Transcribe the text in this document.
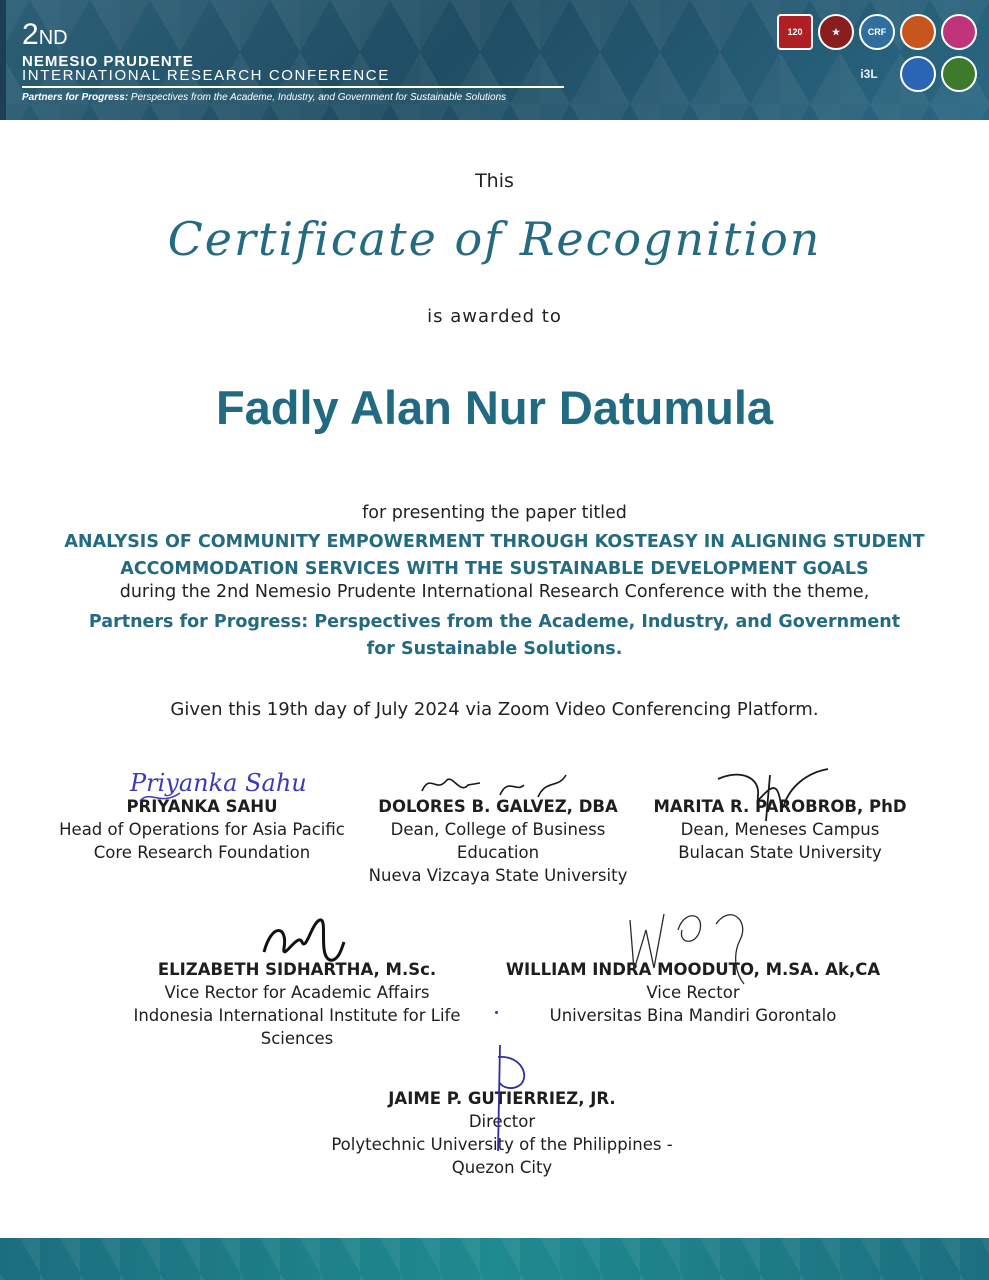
2ND
NEMESIO PRUDENTE
INTERNATIONAL RESEARCH CONFERENCE
Partners for Progress: Perspectives from the Academe, Industry, and Government for Sustainable Solutions
120	★	CRF
i3L
This
Certificate of Recognition
is awarded to
Fadly Alan Nur Datumula
for presenting the paper titled
ANALYSIS OF COMMUNITY EMPOWERMENT THROUGH KOSTEASY IN ALIGNING STUDENT
ACCOMMODATION SERVICES WITH THE SUSTAINABLE DEVELOPMENT GOALS
during the 2nd Nemesio Prudente International Research Conference with the theme,
Partners for Progress: Perspectives from the Academe, Industry, and Government
for Sustainable Solutions.
Given this 19th day of July 2024 via Zoom Video Conferencing Platform.
Priyanka Sahu
PRIYANKA SAHU
Head of Operations for Asia Pacific
Core Research Foundation
DOLORES B. GALVEZ, DBA
Dean, College of Business
Education
Nueva Vizcaya State University
MARITA R. PAROBROB, PhD
Dean, Meneses Campus
Bulacan State University
ELIZABETH SIDHARTHA, M.Sc.
Vice Rector for Academic Affairs
Indonesia International Institute for Life
Sciences
WILLIAM INDRA MOODUTO, M.SA. Ak,CA
Vice Rector
Universitas Bina Mandiri Gorontalo
JAIME P. GUTIERRIEZ, JR.
Director
Polytechnic University of the Philippines -
Quezon City
